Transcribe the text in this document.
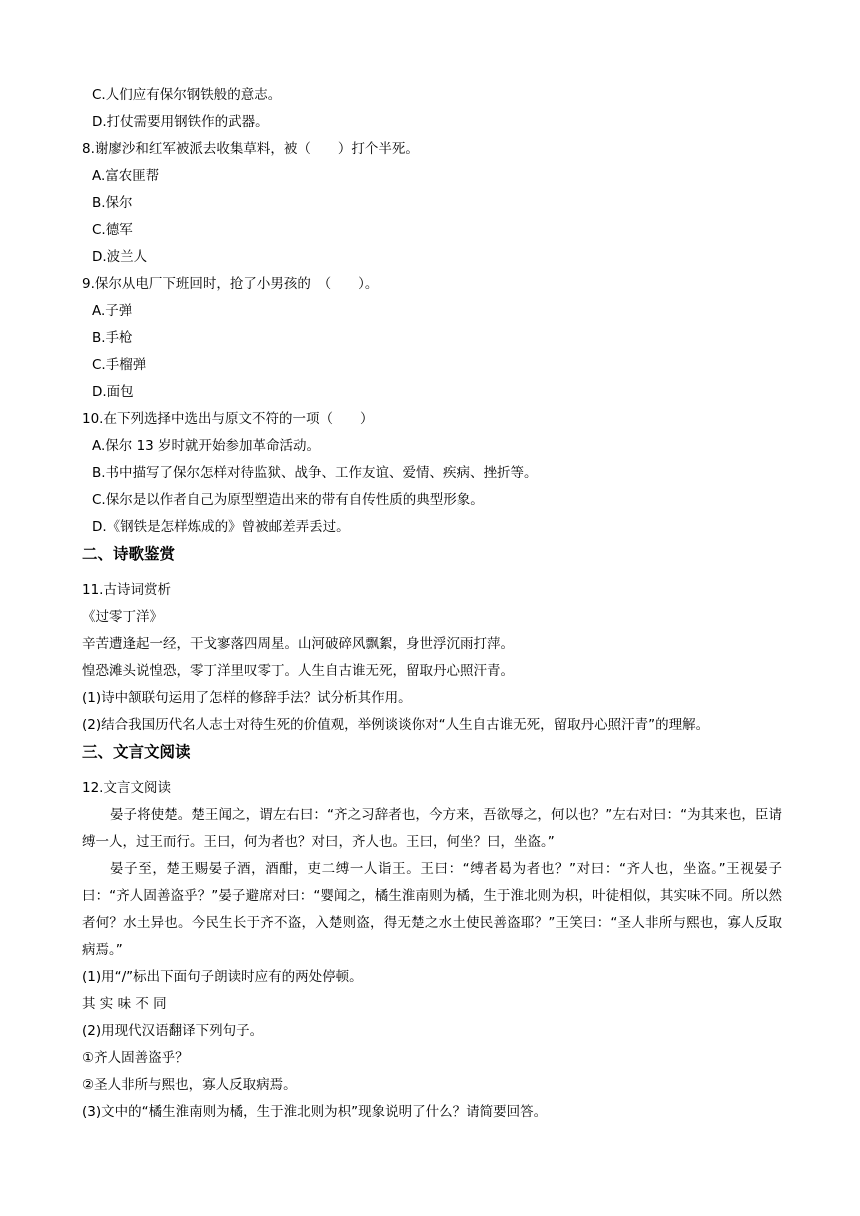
C.人们应有保尔钢铁般的意志。
D.打仗需要用钢铁作的武器。
8.谢廖沙和红军被派去收集草料，被（　　）打个半死。
A.富农匪帮
B.保尔
C.德军
D.波兰人
9.保尔从电厂下班回时，抢了小男孩的　（　　）。
A.子弹
B.手枪
C.手榴弹
D.面包
10.在下列选择中选出与原文不符的一项（　　）
A.保尔 13 岁时就开始参加革命活动。
B.书中描写了保尔怎样对待监狱、战争、工作友谊、爱情、疾病、挫折等。
C.保尔是以作者自己为原型塑造出来的带有自传性质的典型形象。
D.《钢铁是怎样炼成的》曾被邮差弄丢过。
二、诗歌鉴赏
11.古诗词赏析
《过零丁洋》
辛苦遭逢起一经，干戈寥落四周星。山河破碎风飘絮，身世浮沉雨打萍。
惶恐滩头说惶恐，零丁洋里叹零丁。人生自古谁无死，留取丹心照汗青。
(1)诗中颔联句运用了怎样的修辞手法？试分析其作用。
(2)结合我国历代名人志士对待生死的价值观，举例谈谈你对“人生自古谁无死，留取丹心照汗青”的理解。
三、文言文阅读
12.文言文阅读
晏子将使楚。楚王闻之，谓左右曰：“齐之习辞者也，今方来，吾欲辱之，何以也？”左右对曰：“为其来也，臣请缚一人，过王而行。王曰，何为者也？对曰，齐人也。王曰，何坐？曰，坐盗。”
晏子至，楚王赐晏子酒，酒酣，吏二缚一人诣王。王曰：“缚者曷为者也？”对曰：“齐人也，坐盗。”王视晏子曰：“齐人固善盗乎？”晏子避席对曰：“婴闻之，橘生淮南则为橘，生于淮北则为枳，叶徒相似，其实味不同。所以然者何？水土异也。今民生长于齐不盗，入楚则盗，得无楚之水土使民善盗耶？”王笑曰：“圣人非所与熙也，寡人反取病焉。”
(1)用“/”标出下面句子朗读时应有的两处停顿。
其 实 味 不 同
(2)用现代汉语翻译下列句子。
①齐人固善盗乎？
②圣人非所与熙也，寡人反取病焉。
(3)文中的“橘生淮南则为橘，生于淮北则为枳”现象说明了什么？请简要回答。
